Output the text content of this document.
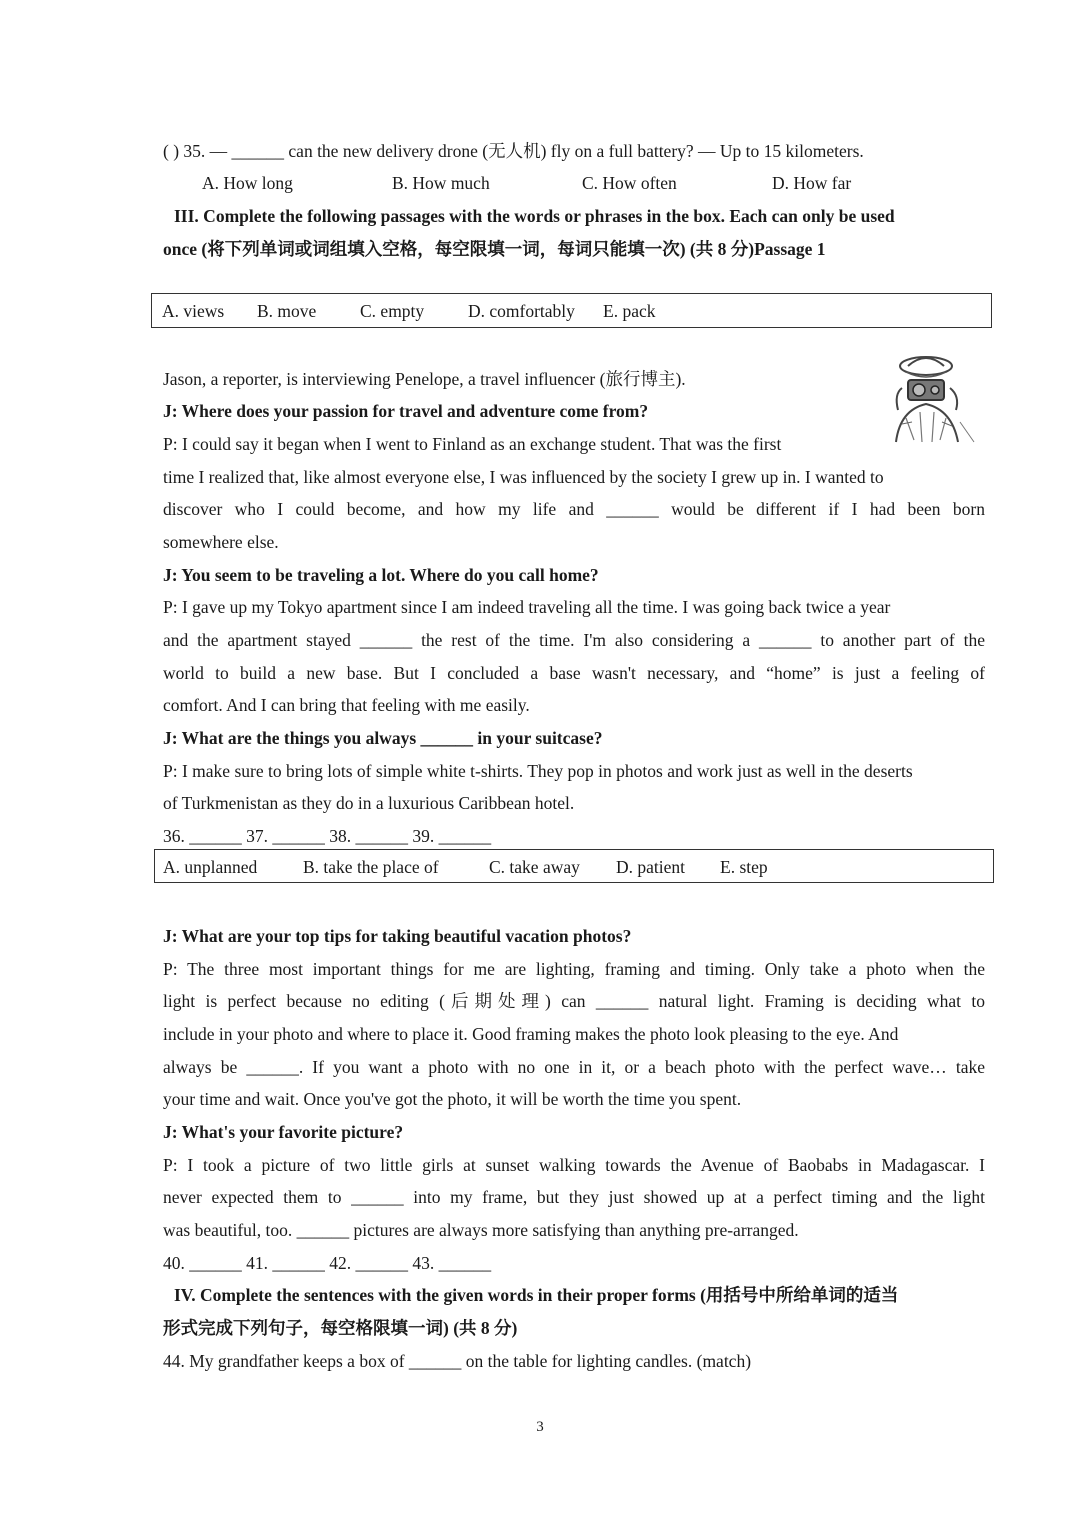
( ) 35. — ______ can the new delivery drone (无人机) fly on a full battery? — Up to 15 kilometers.
A. How long	B. How much	C. How often	D. How far
III. Complete the following passages with the words or phrases in the box. Each can only be used
once (将下列单词或词组填入空格，每空限填一词，每词只能填一次) (共 8 分)Passage 1
A. views B. move C. empty	D. comfortably E. pack
Jason, a reporter, is interviewing Penelope, a travel influencer (旅行博主).
J: Where does your passion for travel and adventure come from?
P: I could say it began when I went to Finland as an exchange student. That was the first
time I realized that, like almost everyone else, I was influenced by the society I grew up in. I wanted to
discover who I could become, and how my life and ______ would be different if I had been born
somewhere else.
J: You seem to be traveling a lot. Where do you call home?
P: I gave up my Tokyo apartment since I am indeed traveling all the time. I was going back twice a year
and the apartment stayed ______ the rest of the time. I'm also considering a ______ to another part of the
world to build a new base. But I concluded a base wasn't necessary, and “home” is just a feeling of
comfort. And I can bring that feeling with me easily.
J: What are the things you always ______ in your suitcase?
P: I make sure to bring lots of simple white t-shirts. They pop in photos and work just as well in the deserts
of Turkmenistan as they do in a luxurious Caribbean hotel.
36. ______ 37. ______ 38. ______ 39. ______
A. unplanned	B. take the place of	C. take away D. patient E. step
J: What are your top tips for taking beautiful vacation photos?
P: The three most important things for me are lighting, framing and timing. Only take a photo when the
light is perfect because no editing (后期处理) can ______ natural light. Framing is deciding what to
include in your photo and where to place it. Good framing makes the photo look pleasing to the eye. And
always be ______. If you want a photo with no one in it, or a beach photo with the perfect wave… take
your time and wait. Once you've got the photo, it will be worth the time you spent.
J: What's your favorite picture?
P: I took a picture of two little girls at sunset walking towards the Avenue of Baobabs in Madagascar. I
never expected them to ______ into my frame, but they just showed up at a perfect timing and the light
was beautiful, too. ______ pictures are always more satisfying than anything pre-arranged.
40. ______ 41. ______ 42. ______ 43. ______
IV. Complete the sentences with the given words in their proper forms (用括号中所给单词的适当
形式完成下列句子，每空格限填一词) (共 8 分)
44. My grandfather keeps a box of ______ on the table for lighting candles. (match)
3
